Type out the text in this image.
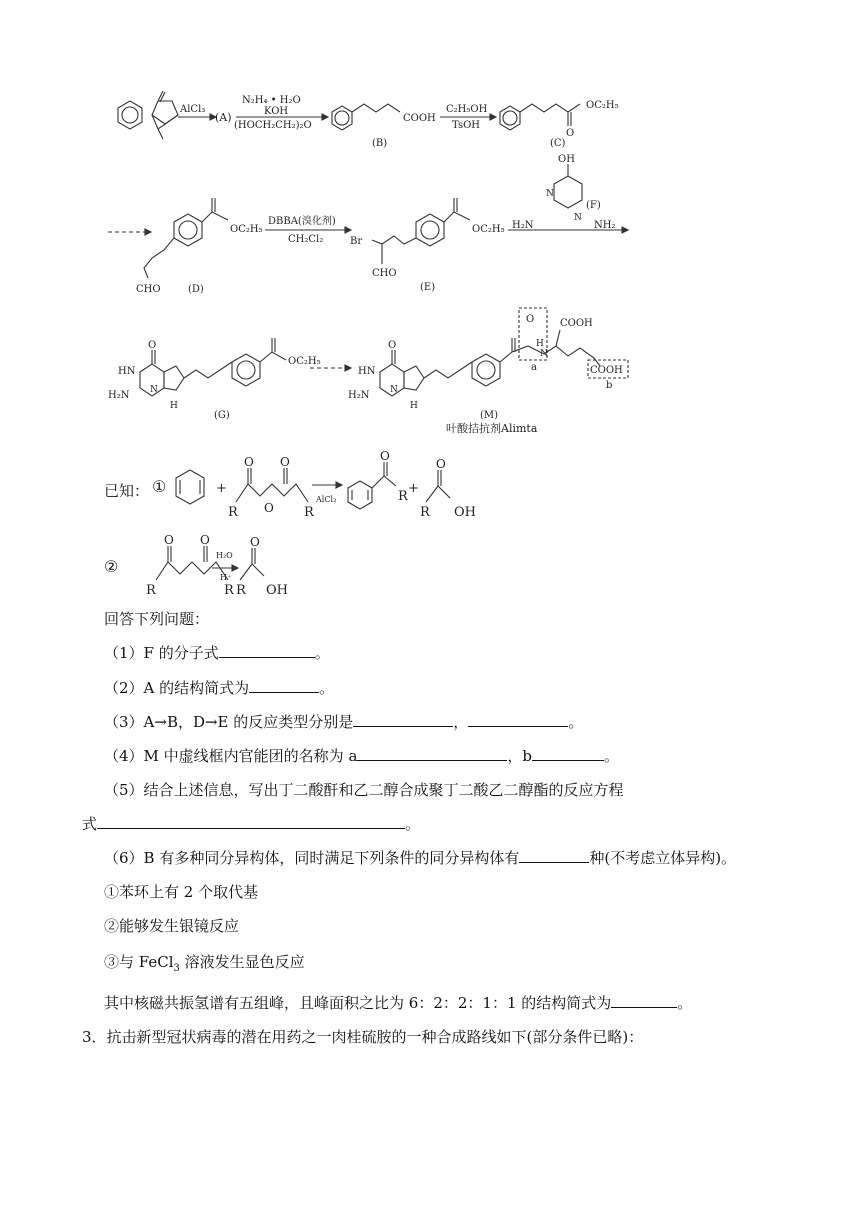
AlCl₃
(A)
N₂H₄ • H₂O
KOH
(HOCH₂CH₂)₂O
COOH
(B)
C₂H₅OH
TsOH
OC₂H₅
O
(C)
OC₂H₅
CHO	(D)
DBBA(溴化剂)
CH₂Cl₂
OC₂H₅
Br
CHO
(E)
OH
(F)
N
N
H₂N	NH₂
O
HN
H₂N N
H
OC₂H₅
(G)
O
HN
H₂N N
H
O
H
N
COOH
COOH
a
b
(M)
叶酸拮抗剂Alimta
已知： ①	+
R
O
O
O
R
AlCl₃
O
R
+
O
R OH
②
O O
R	R
H₂O
H⁺
O
R OH
回答下列问题：
（1）F 的分子式	。
（2）A 的结构简式为	。
（3）A→B，D→E 的反应类型分别是	，	。
（4）M 中虚线框内官能团的名称为 a	，b	。
（5）结合上述信息，写出丁二酸酐和乙二醇合成聚丁二酸乙二醇酯的反应方程
式	。
（6）B 有多种同分异构体，同时满足下列条件的同分异构体有	种(不考虑立体异构)。
①苯环上有 2 个取代基
②能够发生银镜反应
③与 FeCl$_3$ 溶液发生显色反应
其中核磁共振氢谱有五组峰，且峰面积之比为 6：2：2：1：1 的结构简式为	。
3．抗击新型冠状病毒的潜在用药之一肉桂硫胺的一种合成路线如下(部分条件已略)：
